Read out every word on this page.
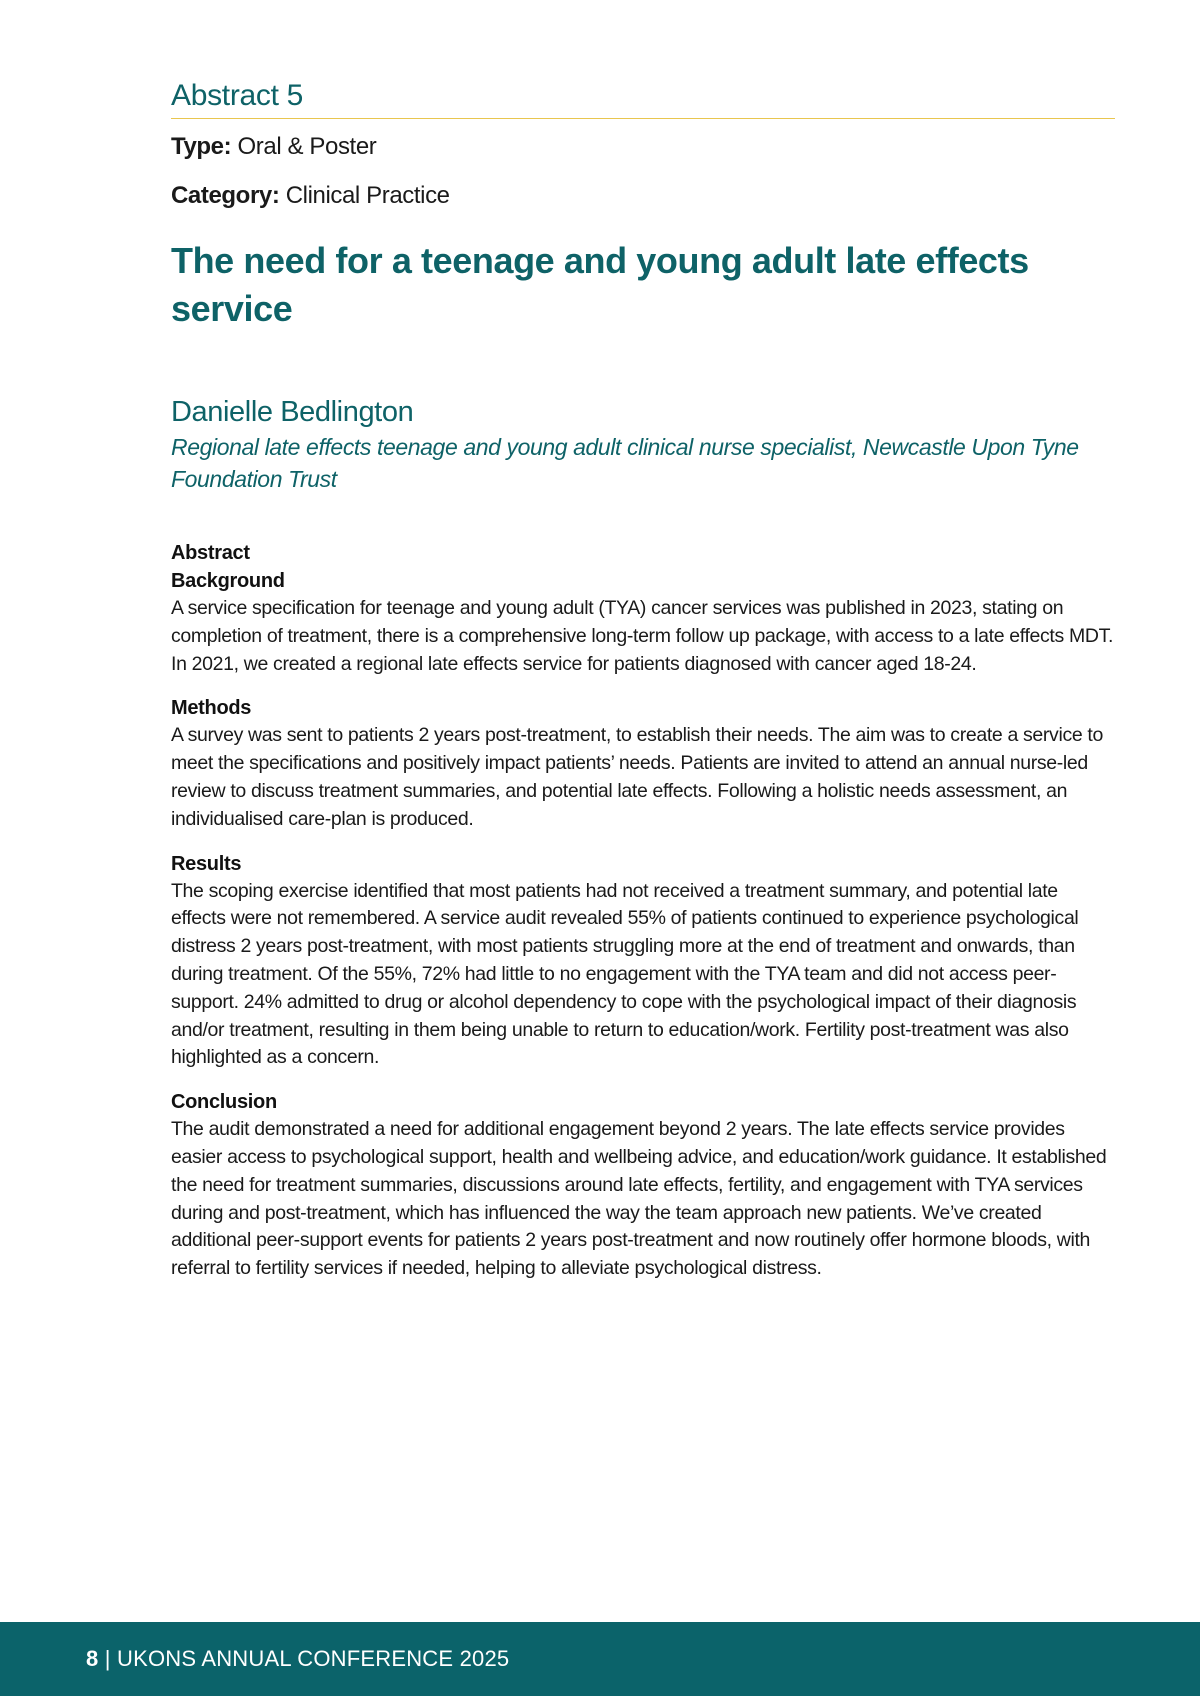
Abstract 5
Type: Oral & Poster
Category: Clinical Practice
The need for a teenage and young adult late effects service
Danielle Bedlington
Regional late effects teenage and young adult clinical nurse specialist, Newcastle Upon Tyne Foundation Trust
Abstract
Background

A service specification for teenage and young adult (TYA) cancer services was published in 2023, stating on completion of treatment, there is a comprehensive long-term follow up package, with access to a late effects MDT. In 2021, we created a regional late effects service for patients diagnosed with cancer aged 18-24.

Methods

A survey was sent to patients 2 years post-treatment, to establish their needs. The aim was to create a service to meet the specifications and positively impact patients’ needs. Patients are invited to attend an annual nurse-led review to discuss treatment summaries, and potential late effects. Following a holistic needs assessment, an individualised care-plan is produced.

Results

The scoping exercise identified that most patients had not received a treatment summary, and potential late effects were not remembered. A service audit revealed 55% of patients continued to experience psychological distress 2 years post-treatment, with most patients struggling more at the end of treatment and onwards, than during treatment. Of the 55%, 72% had little to no engagement with the TYA team and did not access peer-support. 24% admitted to drug or alcohol dependency to cope with the psychological impact of their diagnosis and/or treatment, resulting in them being unable to return to education/work. Fertility post-treatment was also highlighted as a concern.

Conclusion

The audit demonstrated a need for additional engagement beyond 2 years. The late effects service provides easier access to psychological support, health and wellbeing advice, and education/work guidance. It established the need for treatment summaries, discussions around late effects, fertility, and engagement with TYA services during and post-treatment, which has influenced the way the team approach new patients. We’ve created additional peer-support events for patients 2 years post-treatment and now routinely offer hormone bloods, with referral to fertility services if needed, helping to alleviate psychological distress.

8 | UKONS ANNUAL CONFERENCE 2025
